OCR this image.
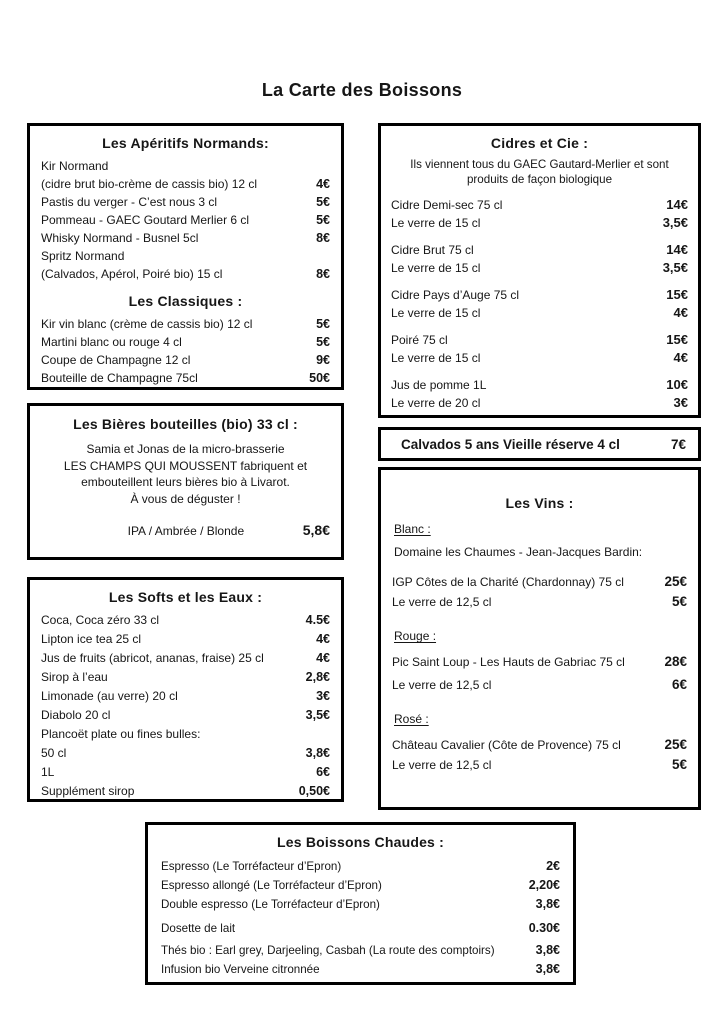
La Carte des Boissons
Les Apéritifs Normands:
Kir Normand
(cidre brut bio-crème de cassis bio) 12 cl	4€
Pastis du verger - C’est nous 3 cl	5€
Pommeau - GAEC Goutard Merlier 6 cl	5€
Whisky Normand - Busnel 5cl	8€
Spritz Normand
(Calvados, Apérol, Poiré bio) 15 cl	8€
Les Classiques :
Kir vin blanc (crème de cassis bio) 12 cl	5€
Martini blanc ou rouge 4 cl	5€
Coupe de Champagne 12 cl	9€
Bouteille de Champagne 75cl	50€
Cidres et Cie :
Ils viennent tous du GAEC Gautard-Merlier et sont produits de façon biologique
Cidre Demi-sec 75 cl	14€
Le verre de 15 cl	3,5€
Cidre Brut 75 cl	14€
Le verre de 15 cl	3,5€
Cidre Pays d’Auge 75 cl	15€
Le verre de 15 cl	4€
Poiré 75 cl	15€
Le verre de 15 cl	4€
Jus de pomme 1L	10€
Le verre de 20 cl	3€
Les Bières bouteilles (bio) 33 cl :
Samia et Jonas de la micro-brasserie
LES CHAMPS QUI MOUSSENT fabriquent et
embouteillent leurs bières bio à Livarot.
À vous de déguster !
IPA / Ambrée / Blonde	5,8€
Calvados 5 ans Vieille réserve 4 cl	7€
Les Vins :
Blanc :
Domaine les Chaumes - Jean-Jacques Bardin:
IGP Côtes de la Charité (Chardonnay) 75 cl	25€
Le verre de 12,5 cl	5€
Rouge :
Pic Saint Loup - Les Hauts de Gabriac 75 cl	28€
Le verre de 12,5 cl	6€
Rosé :
Château Cavalier (Côte de Provence) 75 cl	25€
Le verre de 12,5 cl	5€
Les Softs et les Eaux :
Coca, Coca zéro 33 cl	4.5€
Lipton ice tea 25 cl	4€
Jus de fruits (abricot, ananas, fraise) 25 cl	4€
Sirop à l’eau	2,8€
Limonade (au verre) 20 cl	3€
Diabolo 20 cl	3,5€
Plancoët plate ou fines bulles:
50 cl	3,8€
1L	6€
Supplément sirop	0,50€
Les Boissons Chaudes :
Espresso (Le Torréfacteur d’Epron)	2€
Espresso allongé (Le Torréfacteur d’Epron)	2,20€
Double espresso (Le Torréfacteur d’Epron)	3,8€
Dosette de lait	0.30€
Thés bio : Earl grey, Darjeeling, Casbah (La route des comptoirs)	3,8€
Infusion bio Verveine citronnée	3,8€
